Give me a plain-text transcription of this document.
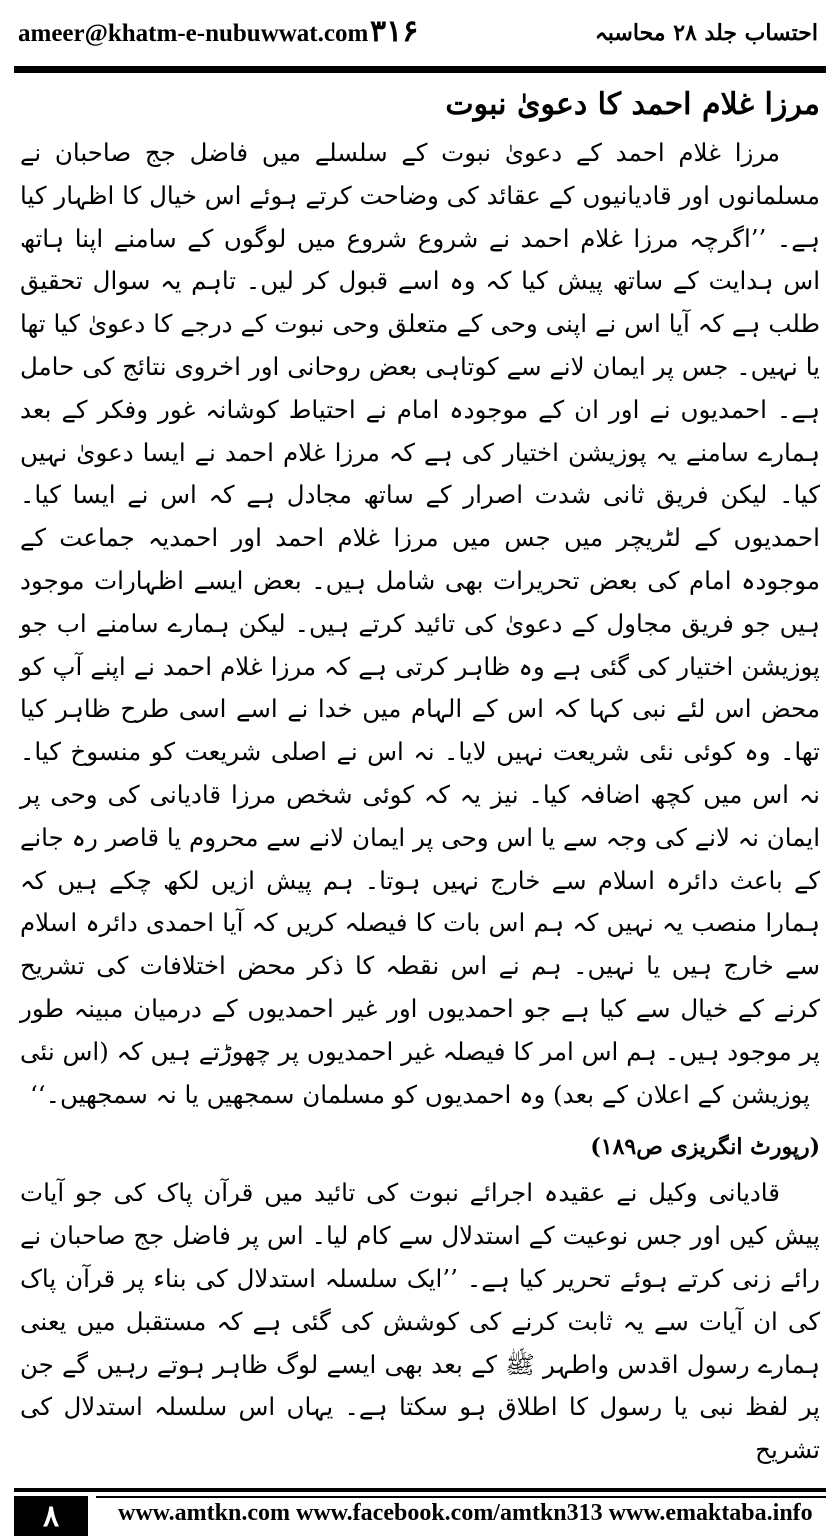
ameer@khatm-e-nubuwwat.com ۳۱۶	احتساب جلد ۲۸ محاسبہ
مرزا غلام احمد کا دعویٰ نبوت

مرزا غلام احمد کے دعویٰ نبوت کے سلسلے میں فاضل جج صاحبان نے مسلمانوں اور قادیانیوں کے عقائد کی وضاحت کرتے ہوئے اس خیال کا اظہار کیا ہے۔ ’’اگرچہ مرزا غلام احمد نے شروع شروع میں لوگوں کے سامنے اپنا ہاتھ اس ہدایت کے ساتھ پیش کیا کہ وہ اسے قبول کر لیں۔ تاہم یہ سوال تحقیق طلب ہے کہ آیا اس نے اپنی وحی کے متعلق وحی نبوت کے درجے کا دعویٰ کیا تھا یا نہیں۔ جس پر ایمان لانے سے کوتاہی بعض روحانی اور اخروی نتائج کی حامل ہے۔ احمدیوں نے اور ان کے موجودہ امام نے احتیاط کوشانہ غور وفکر کے بعد ہمارے سامنے یہ پوزیشن اختیار کی ہے کہ مرزا غلام احمد نے ایسا دعویٰ نہیں کیا۔ لیکن فریق ثانی شدت اصرار کے ساتھ مجادل ہے کہ اس نے ایسا کیا۔ احمدیوں کے لٹریچر میں جس میں مرزا غلام احمد اور احمدیہ جماعت کے موجودہ امام کی بعض تحریرات بھی شامل ہیں۔ بعض ایسے اظہارات موجود ہیں جو فریق مجاول کے دعویٰ کی تائید کرتے ہیں۔ لیکن ہمارے سامنے اب جو پوزیشن اختیار کی گئی ہے وہ ظاہر کرتی ہے کہ مرزا غلام احمد نے اپنے آپ کو محض اس لئے نبی کہا کہ اس کے الہام میں خدا نے اسے اسی طرح ظاہر کیا تھا۔ وہ کوئی نئی شریعت نہیں لایا۔ نہ اس نے اصلی شریعت کو منسوخ کیا۔ نہ اس میں کچھ اضافہ کیا۔ نیز یہ کہ کوئی شخص مرزا قادیانی کی وحی پر ایمان نہ لانے کی وجہ سے یا اس وحی پر ایمان لانے سے محروم یا قاصر رہ جانے کے باعث دائرہ اسلام سے خارج نہیں ہوتا۔ ہم پیش ازیں لکھ چکے ہیں کہ ہمارا منصب یہ نہیں کہ ہم اس بات کا فیصلہ کریں کہ آیا احمدی دائرہ اسلام سے خارج ہیں یا نہیں۔ ہم نے اس نقطہ کا ذکر محض اختلافات کی تشریح کرنے کے خیال سے کیا ہے جو احمدیوں اور غیر احمدیوں کے درمیان مبینہ طور پر موجود ہیں۔ ہم اس امر کا فیصلہ غیر احمدیوں پر چھوڑتے ہیں کہ (اس نئی پوزیشن کے اعلان کے بعد) وہ احمدیوں کو مسلمان سمجھیں یا نہ سمجھیں۔‘‘

(رپورٹ انگریزی ص۱۸۹)

قادیانی وکیل نے عقیدہ اجرائے نبوت کی تائید میں قرآن پاک کی جو آیات پیش کیں اور جس نوعیت کے استدلال سے کام لیا۔ اس پر فاضل جج صاحبان نے رائے زنی کرتے ہوئے تحریر کیا ہے۔ ’’ایک سلسلہ استدلال کی بناء پر قرآن پاک کی ان آیات سے یہ ثابت کرنے کی کوشش کی گئی ہے کہ مستقبل میں یعنی ہمارے رسول اقدس واطہر ﷺ کے بعد بھی ایسے لوگ ظاہر ہوتے رہیں گے جن پر لفظ نبی یا رسول کا اطلاق ہو سکتا ہے۔ یہاں اس سلسلہ استدلال کی تشریح

۸	www.amtkn.com www.facebook.com/amtkn313 www.emaktaba.info
